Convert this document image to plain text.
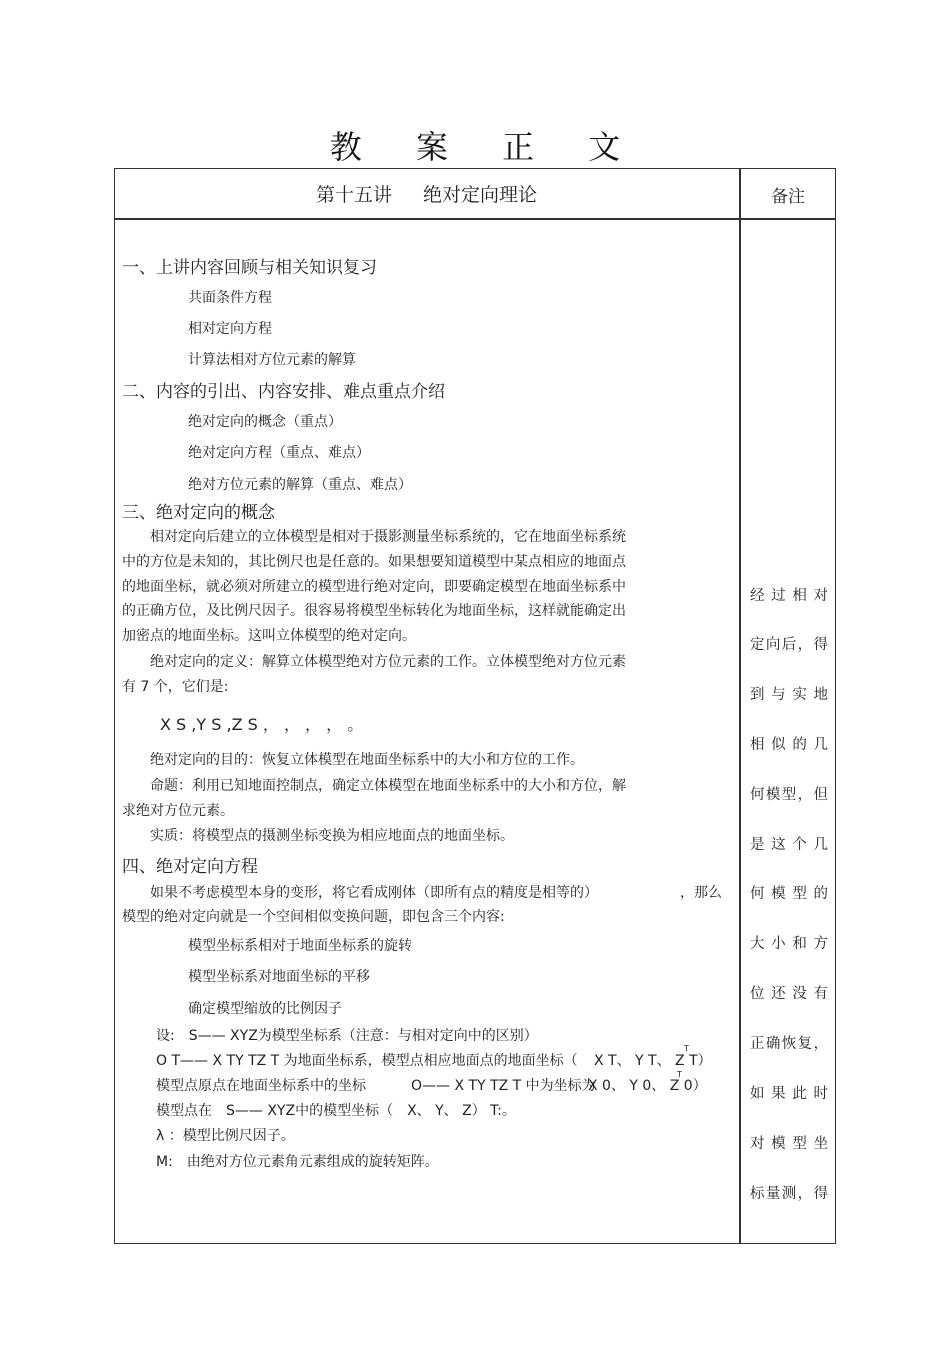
教 案 正 文
第十五讲　 绝对定向理论	备注
一、上讲内容回顾与相关知识复习
共面条件方程
相对定向方程
计算法相对方位元素的解算
二、内容的引出、内容安排、难点重点介绍
绝对定向的概念（重点）
绝对定向方程（重点、难点）
绝对方位元素的解算（重点、难点）
三、绝对定向的概念
　　相对定向后建立的立体模型是相对于摄影测量坐标系统的，它在地面坐标系统
中的方位是未知的，其比例尺也是任意的。如果想要知道模型中某点相应的地面点
的地面坐标，就必须对所建立的模型进行绝对定向，即要确定模型在地面坐标系中
的正确方位，及比例尺因子。很容易将模型坐标转化为地面坐标，这样就能确定出
加密点的地面坐标。这叫立体模型的绝对定向。
　　绝对定向的定义：解算立体模型绝对方位元素的工作。立体模型绝对方位元素
有 7 个，它们是:
X S ,Y S ,Z S ， ， ， ， 。
　　绝对定向的目的：恢复立体模型在地面坐标系中的大小和方位的工作。
　　命题：利用已知地面控制点，确定立体模型在地面坐标系中的大小和方位，解
求绝对方位元素。
　　实质：将模型点的摄测坐标变换为相应地面点的地面坐标。
四、绝对定向方程
　　如果不考虑模型本身的变形，将它看成刚体（即所有点的精度是相等的）	，那么
模型的绝对定向就是一个空间相似变换问题，即包含三个内容:
模型坐标系相对于地面坐标系的旋转
模型坐标系对地面坐标的平移
确定模型缩放的比例因子
设:　S—— XYZ为模型坐标系（注意：与相对定向中的区别）
O T—— X TY TZ T 为地面坐标系，模型点相应地面点的地面坐标（ X T、 Y T、 Z T）
T
模型点原点在地面坐标系中的坐标	O—— X TY TZ T 中为坐标为
X 0、 Y 0、 Z 0）
T
模型点在　S—— XYZ中的模型坐标（　X、 Y、 Z） T:。
λ ：模型比例尺因子。
M:　由绝对方位元素角元素组成的旋转矩阵。
经过相对
定向后，得
到与实地
相似的几
何模型，但
是这个几
何模型的
大小和方
位还没有
正确恢复，
如果此时
对模型坐
标量测，得
